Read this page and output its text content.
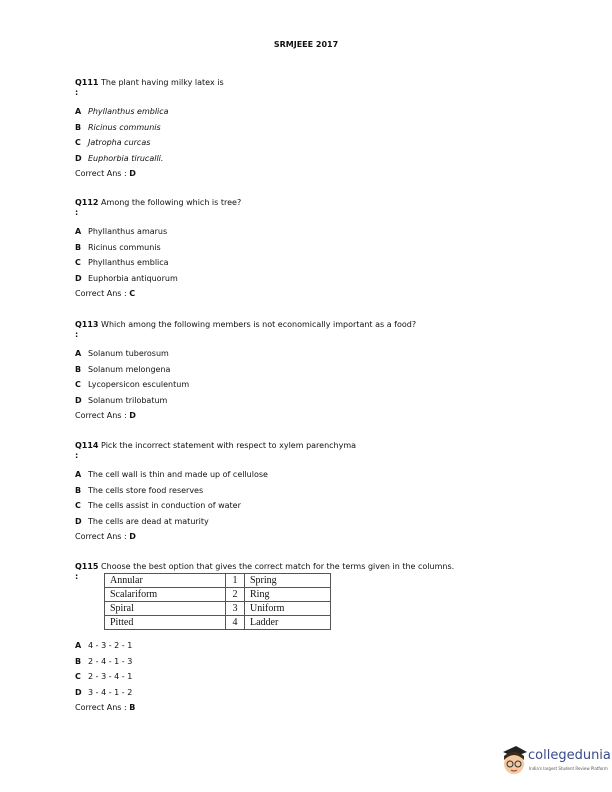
SRMJEEE 2017
Q111 The plant having milky latex is
:
A Phyllanthus emblica
B Ricinus communis
C Jatropha curcas
D Euphorbia tirucalli.
Correct Ans : D
Q112 Among the following which is tree?
:
A Phyllanthus amarus
B Ricinus communis
C Phyllanthus emblica
D Euphorbia antiquorum
Correct Ans : C
Q113 Which among the following members is not economically important as a food?
:
A Solanum tuberosum
B Solanum melongena
C Lycopersicon esculentum
D Solanum trilobatum
Correct Ans : D
Q114 Pick the incorrect statement with respect to xylem parenchyma
:
A The cell wall is thin and made up of cellulose
B The cells store food reserves
C The cells assist in conduction of water
D The cells are dead at maturity
Correct Ans : D
Q115 Choose the best option that gives the correct match for the terms given in the columns.
:
A 4 - 3 - 2 - 1
B 2 - 4 - 1 - 3
C 2 - 3 - 4 - 1
D 3 - 4 - 1 - 2
Correct Ans : B
Annular	1	Spring
Scalariform	2	Ring
Spiral	3	Uniform
Pitted	4	Ladder
collegedunia
India's largest Student Review Platform
